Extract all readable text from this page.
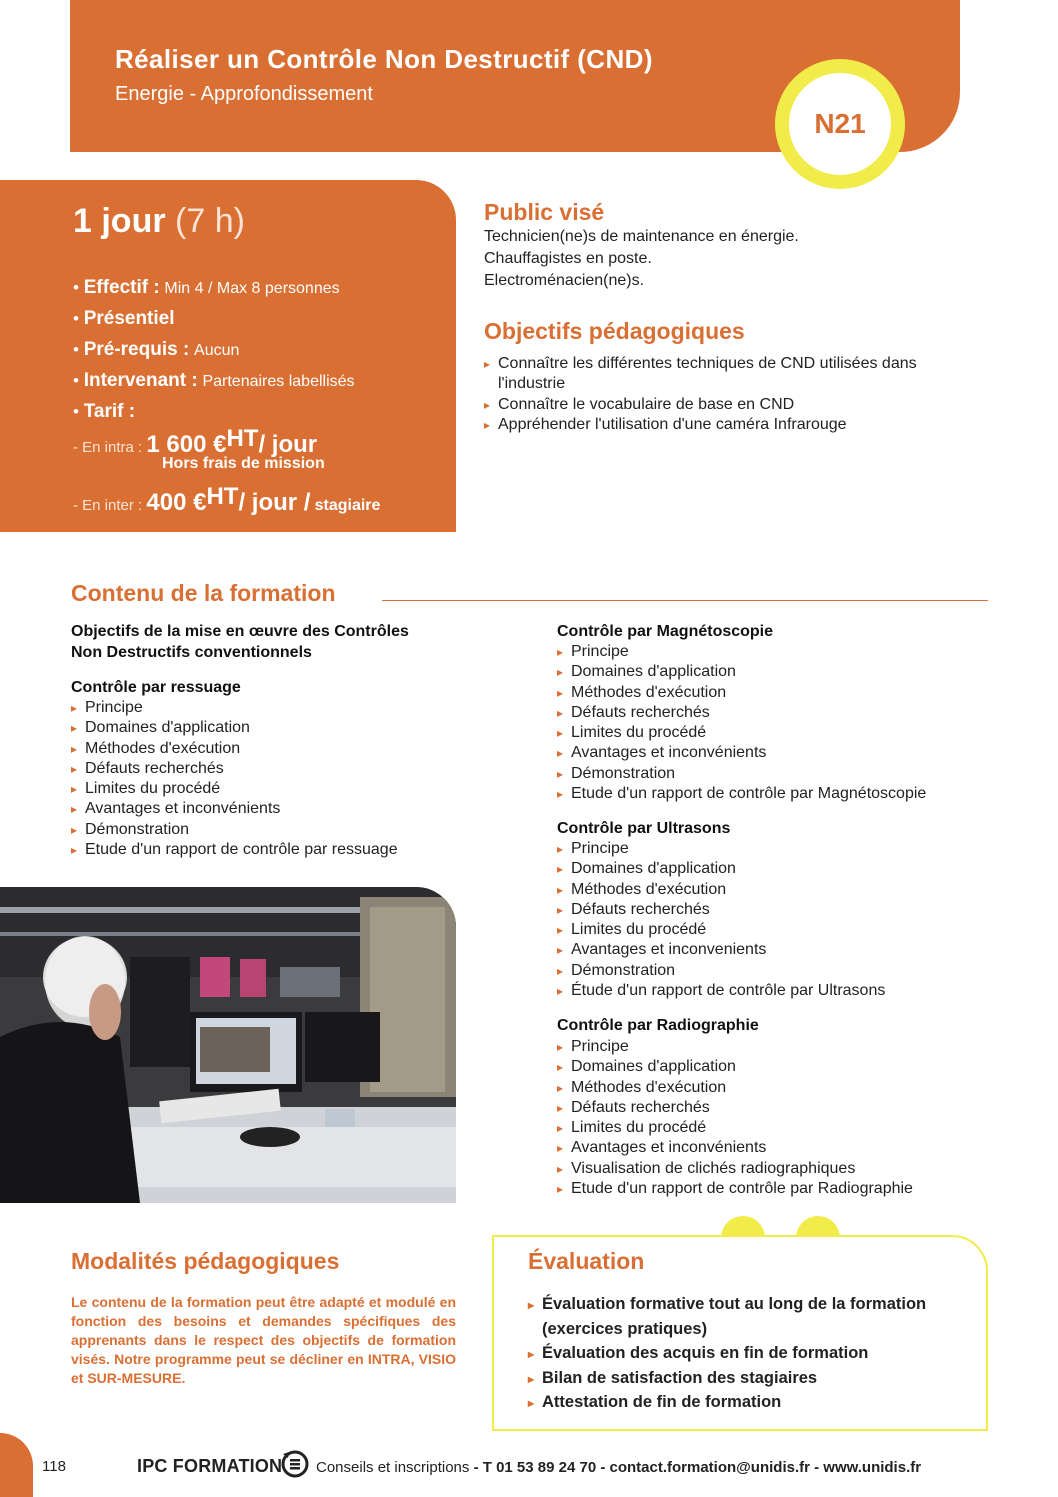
Réaliser un Contrôle Non Destructif (CND)
Energie - Approfondissement
N21
1 jour (7 h)
• Effectif : Min 4 / Max 8 personnes
• Présentiel
• Pré-requis : Aucun
• Intervenant : Partenaires labellisés
• Tarif :
- En intra : 1 600 €$^{HT}$/ jour
Hors frais de mission
- En inter : 400 €$^{HT}$/ jour / stagiaire
Public visé
Technicien(ne)s de maintenance en énergie.
Chauffagistes en poste.
Electroménacien(ne)s.
Objectifs pédagogiques
▸ Connaître les différentes techniques de CND utilisées dans l'industrie
▸ Connaître le vocabulaire de base en CND
▸ Appréhender l'utilisation d'une caméra Infrarouge
Contenu de la formation
Objectifs de la mise en œuvre des Contrôles
Non Destructifs conventionnels
Contrôle par ressuage
▸ Principe
▸ Domaines d'application
▸ Méthodes d'exécution
▸ Défauts recherchés
▸ Limites du procédé
▸ Avantages et inconvénients
▸ Démonstration
▸ Etude d'un rapport de contrôle par ressuage
Contrôle par Magnétoscopie
▸ Principe
▸ Domaines d'application
▸ Méthodes d'exécution
▸ Défauts recherchés
▸ Limites du procédé
▸ Avantages et inconvénients
▸ Démonstration
▸ Etude d'un rapport de contrôle par Magnétoscopie
Contrôle par Ultrasons
▸ Principe
▸ Domaines d'application
▸ Méthodes d'exécution
▸ Défauts recherchés
▸ Limites du procédé
▸ Avantages et inconvenients
▸ Démonstration
▸ Étude d'un rapport de contrôle par Ultrasons
Contrôle par Radiographie
▸ Principe
▸ Domaines d'application
▸ Méthodes d'exécution
▸ Défauts recherchés
▸ Limites du procédé
▸ Avantages et inconvénients
▸ Visualisation de clichés radiographiques
▸ Etude d'un rapport de contrôle par Radiographie
Modalités pédagogiques
Le contenu de la formation peut être adapté et modulé en fonction des besoins et demandes spécifiques des apprenants dans le respect des objectifs de formation visés. Notre programme peut se décliner en INTRA, VISIO et SUR-MESURE.
Évaluation
▸ Évaluation formative tout au long de la formation
(exercices pratiques)
▸ Évaluation des acquis en fin de formation
▸ Bilan de satisfaction des stagiaires
▸ Attestation de fin de formation
118	IPC FORMATION Conseils et inscriptions - T 01 53 89 24 70 - contact.formation@unidis.fr - www.unidis.fr
